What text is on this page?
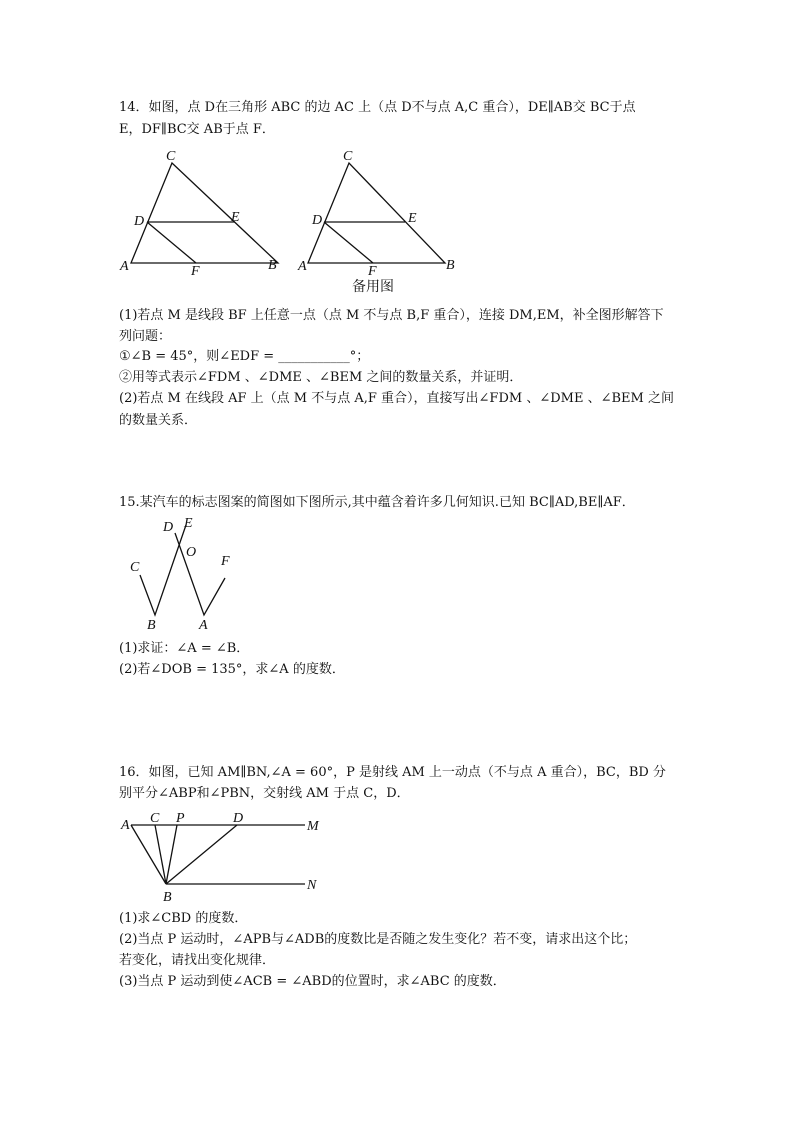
14．如图，点 D在三角形 ABC 的边 AC 上（点 D不与点 A,C 重合），DE∥AB交 BC于点
E，DF∥BC交 AB于点 F．
C
D	E
A	F	B
C
D	E
A	F	B
备用图
(1)若点 M 是线段 BF 上任意一点（点 M 不与点 B,F 重合），连接 DM,EM，补全图形解答下
列问题：
①∠B = 45°，则∠EDF = ___________°；
②用等式表示∠FDM 、∠DME 、∠BEM 之间的数量关系，并证明．
(2)若点 M 在线段 AF 上（点 M 不与点 A,F 重合），直接写出∠FDM 、∠DME 、∠BEM 之间
的数量关系．
15.某汽车的标志图案的简图如下图所示,其中蕴含着许多几何知识.已知 BC∥AD,BE∥AF．
D E
O
C	F
B	A
(1)求证：∠A = ∠B．
(2)若∠DOB = 135°，求∠A 的度数．
16．如图，已知 AM∥BN,∠A = 60°，P 是射线 AM 上一动点（不与点 A 重合），BC，BD 分
别平分∠ABP和∠PBN，交射线 AM 于点 C，D．
A C P	D
M
B
N
(1)求∠CBD 的度数．
(2)当点 P 运动时，∠APB与∠ADB的度数比是否随之发生变化？若不变，请求出这个比；
若变化，请找出变化规律．
(3)当点 P 运动到使∠ACB = ∠ABD的位置时，求∠ABC 的度数．
